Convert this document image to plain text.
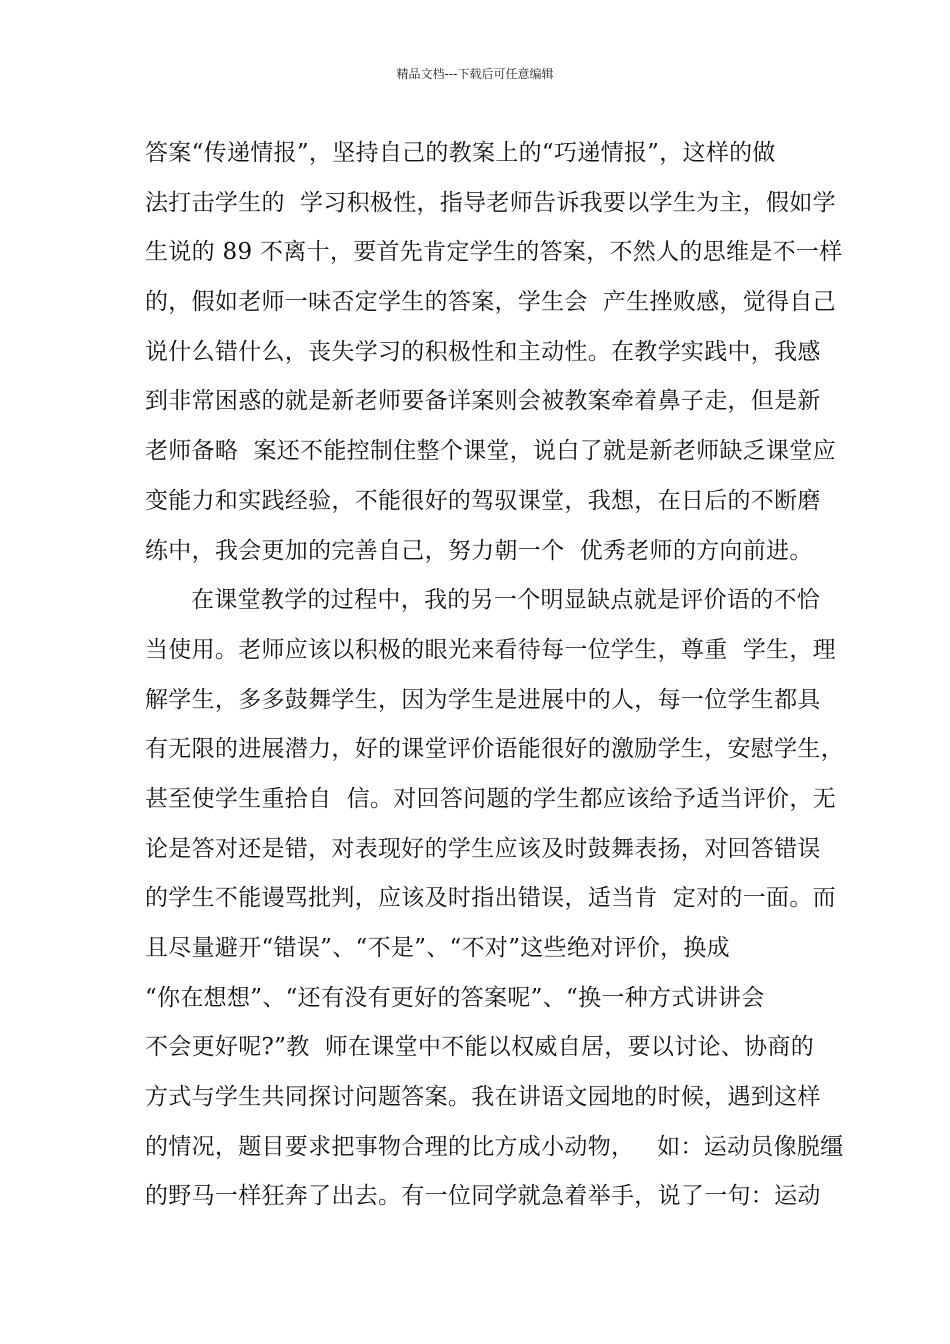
精品文档---下载后可任意编辑
答案“传递情报”，坚持自己的教案上的“巧递情报”，这样的做
法打击学生的  学习积极性，指导老师告诉我要以学生为主，假如学
生说的 89 不离十，要首先肯定学生的答案，不然人的思维是不一样
的，假如老师一味否定学生的答案，学生会  产生挫败感，觉得自己
说什么错什么，丧失学习的积极性和主动性。在教学实践中，我感
到非常困惑的就是新老师要备详案则会被教案牵着鼻子走，但是新
老师备略  案还不能控制住整个课堂，说白了就是新老师缺乏课堂应
变能力和实践经验，不能很好的驾驭课堂，我想，在日后的不断磨
练中，我会更加的完善自己，努力朝一个  优秀老师的方向前进。
在课堂教学的过程中，我的另一个明显缺点就是评价语的不恰
当使用。老师应该以积极的眼光来看待每一位学生，尊重  学生，理
解学生，多多鼓舞学生，因为学生是进展中的人，每一位学生都具
有无限的进展潜力，好的课堂评价语能很好的激励学生，安慰学生，
甚至使学生重拾自  信。对回答问题的学生都应该给予适当评价，无
论是答对还是错，对表现好的学生应该及时鼓舞表扬，对回答错误
的学生不能谩骂批判，应该及时指出错误，适当肯  定对的一面。而
且尽量避开“错误”、“不是”、“不对”这些绝对评价，换成
“你在想想”、“还有没有更好的答案呢”、“换一种方式讲讲会
不会更好呢?”教  师在课堂中不能以权威自居，要以讨论、协商的
方式与学生共同探讨问题答案。我在讲语文园地的时候，遇到这样
的情况，题目要求把事物合理的比方成小动物，   如：运动员像脱缰
的野马一样狂奔了出去。有一位同学就急着举手，说了一句：运动
